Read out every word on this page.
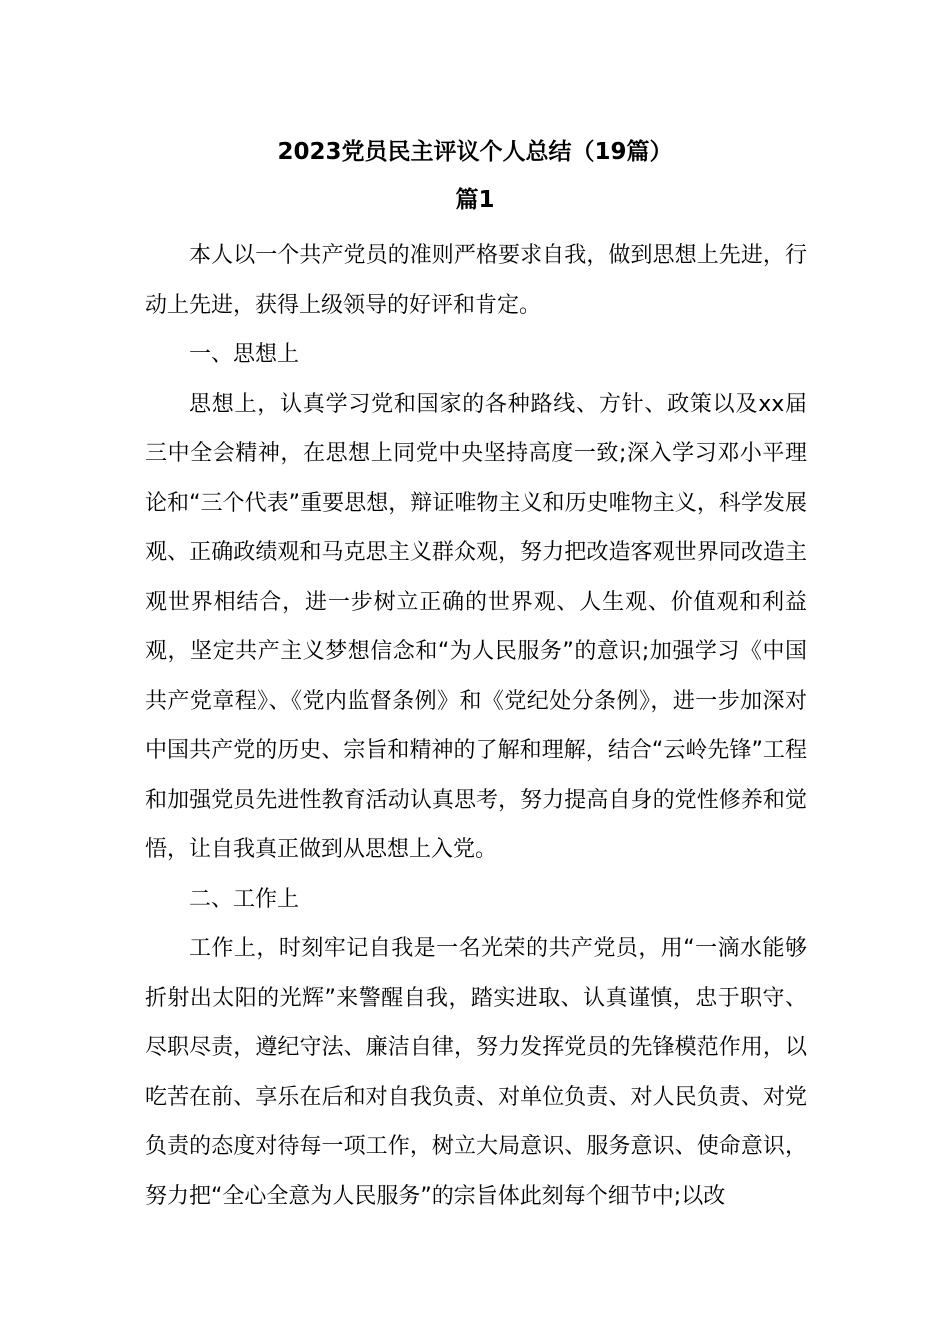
2023党员民主评议个人总结（19篇）
篇1

本人以一个共产党员的准则严格要求自我，做到思想上先进，行动上先进，获得上级领导的好评和肯定。

一、思想上

思想上，认真学习党和国家的各种路线、方针、政策以及xx届三中全会精神，在思想上同党中央坚持高度一致;深入学习邓小平理论和“三个代表”重要思想，辩证唯物主义和历史唯物主义，科学发展观、正确政绩观和马克思主义群众观，努力把改造客观世界同改造主观世界相结合，进一步树立正确的世界观、人生观、价值观和利益观，坚定共产主义梦想信念和“为人民服务”的意识;加强学习《中国共产党章程》、《党内监督条例》和《党纪处分条例》，进一步加深对中国共产党的历史、宗旨和精神的了解和理解，结合“云岭先锋”工程和加强党员先进性教育活动认真思考，努力提高自身的党性修养和觉悟，让自我真正做到从思想上入党。

二、工作上

工作上，时刻牢记自我是一名光荣的共产党员，用“一滴水能够折射出太阳的光辉”来警醒自我，踏实进取、认真谨慎，忠于职守、尽职尽责，遵纪守法、廉洁自律，努力发挥党员的先锋模范作用，以吃苦在前、享乐在后和对自我负责、对单位负责、对人民负责、对党负责的态度对待每一项工作，树立大局意识、服务意识、使命意识，努力把“全心全意为人民服务”的宗旨体此刻每个细节中;以改
